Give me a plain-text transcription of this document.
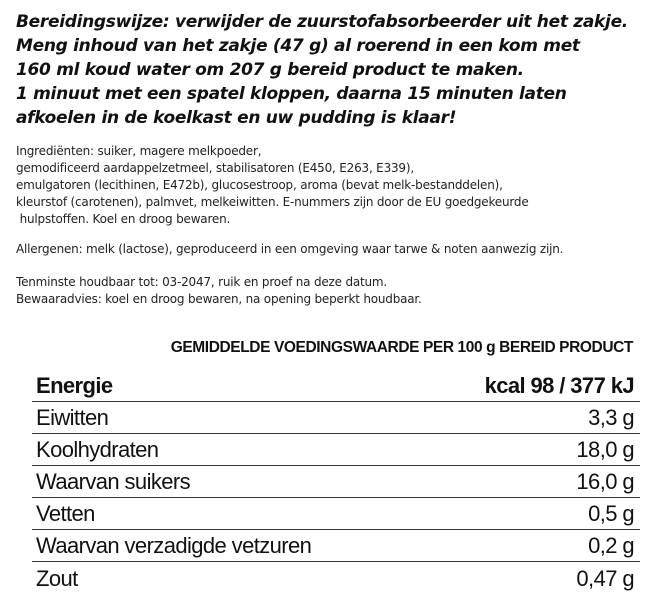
Bereidingswijze: verwijder de zuurstofabsorbeerder uit het zakje.
Meng inhoud van het zakje (47 g) al roerend in een kom met
160 ml koud water om 207 g bereid product te maken.
1 minuut met een spatel kloppen, daarna 15 minuten laten
afkoelen in de koelkast en uw pudding is klaar!
Ingrediënten: suiker, magere melkpoeder,
gemodificeerd aardappelzetmeel, stabilisatoren (E450, E263, E339),
emulgatoren (lecithinen, E472b), glucosestroop, aroma (bevat melk-bestanddelen),
kleurstof (carotenen), palmvet, melkeiwitten. E-nummers zijn door de EU goedgekeurde
hulpstoffen. Koel en droog bewaren.
Allergenen: melk (lactose), geproduceerd in een omgeving waar tarwe & noten aanwezig zijn.
Tenminste houdbaar tot: 03-2047, ruik en proef na deze datum.
Bewaaradvies: koel en droog bewaren, na opening beperkt houdbaar.
GEMIDDELDE VOEDINGSWAARDE PER 100 g BEREID PRODUCT
Energie	kcal 98 / 377 kJ
Eiwitten	3,3 g
Koolhydraten	18,0 g
Waarvan suikers	16,0 g
Vetten	0,5 g
Waarvan verzadigde vetzuren	0,2 g
Zout	0,47 g
